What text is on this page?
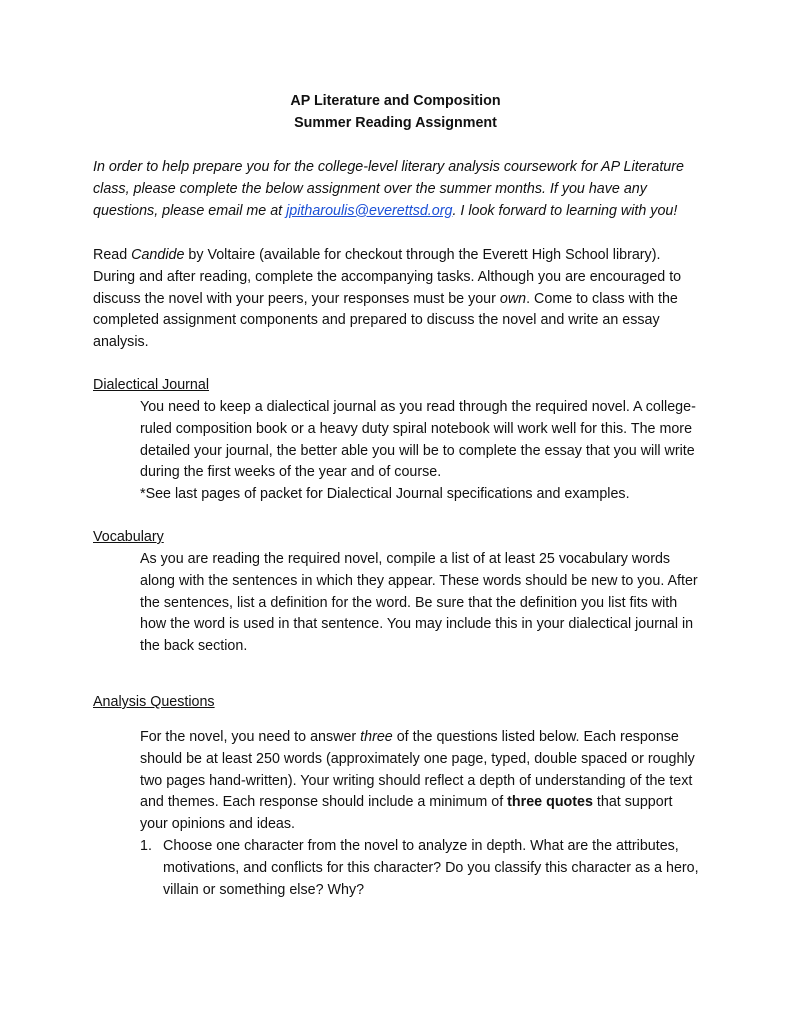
AP Literature and Composition
Summer Reading Assignment
In order to help prepare you for the college-level literary analysis coursework for AP Literature class, please complete the below assignment over the summer months. If you have any questions, please email me at jpitharoulis@everettsd.org. I look forward to learning with you!
Read Candide by Voltaire (available for checkout through the Everett High School library). During and after reading, complete the accompanying tasks. Although you are encouraged to discuss the novel with your peers, your responses must be your own. Come to class with the completed assignment components and prepared to discuss the novel and write an essay analysis.
Dialectical Journal
You need to keep a dialectical journal as you read through the required novel. A college-ruled composition book or a heavy duty spiral notebook will work well for this. The more detailed your journal, the better able you will be to complete the essay that you will write during the first weeks of the year and of course.
*See last pages of packet for Dialectical Journal specifications and examples.
Vocabulary
As you are reading the required novel, compile a list of at least 25 vocabulary words along with the sentences in which they appear. These words should be new to you. After the sentences, list a definition for the word. Be sure that the definition you list fits with how the word is used in that sentence. You may include this in your dialectical journal in the back section.
Analysis Questions
For the novel, you need to answer three of the questions listed below. Each response should be at least 250 words (approximately one page, typed, double spaced or roughly two pages hand-written). Your writing should reflect a depth of understanding of the text and themes. Each response should include a minimum of three quotes that support your opinions and ideas.
1. Choose one character from the novel to analyze in depth. What are the attributes, motivations, and conflicts for this character? Do you classify this character as a hero, villain or something else? Why?
